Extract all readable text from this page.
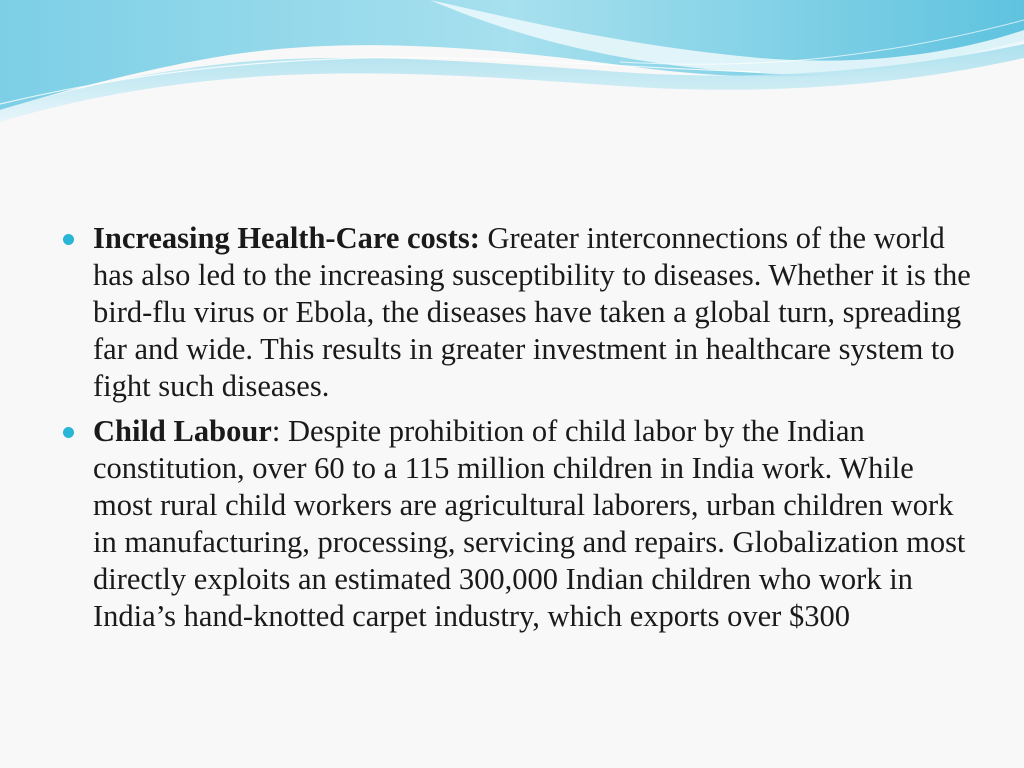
Increasing Health-Care costs: Greater interconnections of the world has also led to the increasing susceptibility to diseases. Whether it is the bird-flu virus or Ebola, the diseases have taken a global turn, spreading far and wide. This results in greater investment in healthcare system to fight such diseases.
Child Labour: Despite prohibition of child labor by the Indian constitution, over 60 to a 115 million children in India work. While most rural child workers are agricultural laborers, urban children work in manufacturing, processing, servicing and repairs. Globalization most directly exploits an estimated 300,000 Indian children who work in India’s hand-knotted carpet industry, which exports over $300
